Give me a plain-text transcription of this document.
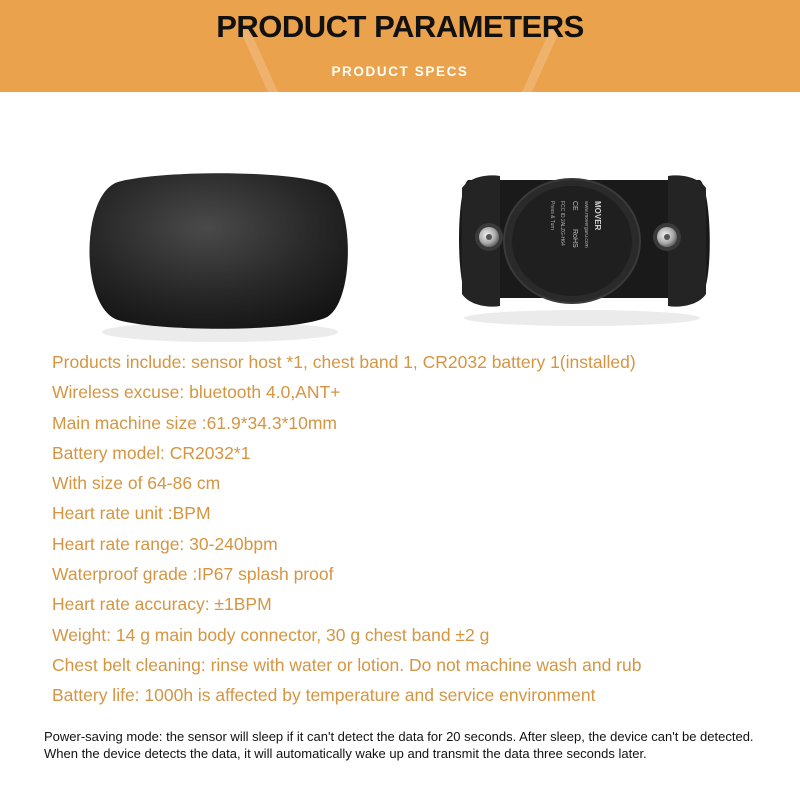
PRODUCT PARAMETERS
PRODUCT SPECS
MOVER
www.moverguru.com
CE
RoHS
FCC ID 2ALZG-H64
Press & Turn
Products include: sensor host *1, chest band 1, CR2032 battery 1(installed)
Wireless excuse: bluetooth 4.0,ANT+
Main machine size :61.9*34.3*10mm
Battery model: CR2032*1
With size of 64-86 cm
Heart rate unit :BPM
Heart rate range: 30-240bpm
Waterproof grade :IP67 splash proof
Heart rate accuracy: ±1BPM
Weight: 14 g main body connector, 30 g chest band ±2 g
Chest belt cleaning: rinse with water or lotion. Do not machine wash and rub
Battery life: 1000h is affected by temperature and service environment
Power-saving mode: the sensor will sleep if it can't detect the data for 20 seconds. After sleep, the device can't be detected. When the device detects the data, it will automatically wake up and transmit the data three seconds later.
